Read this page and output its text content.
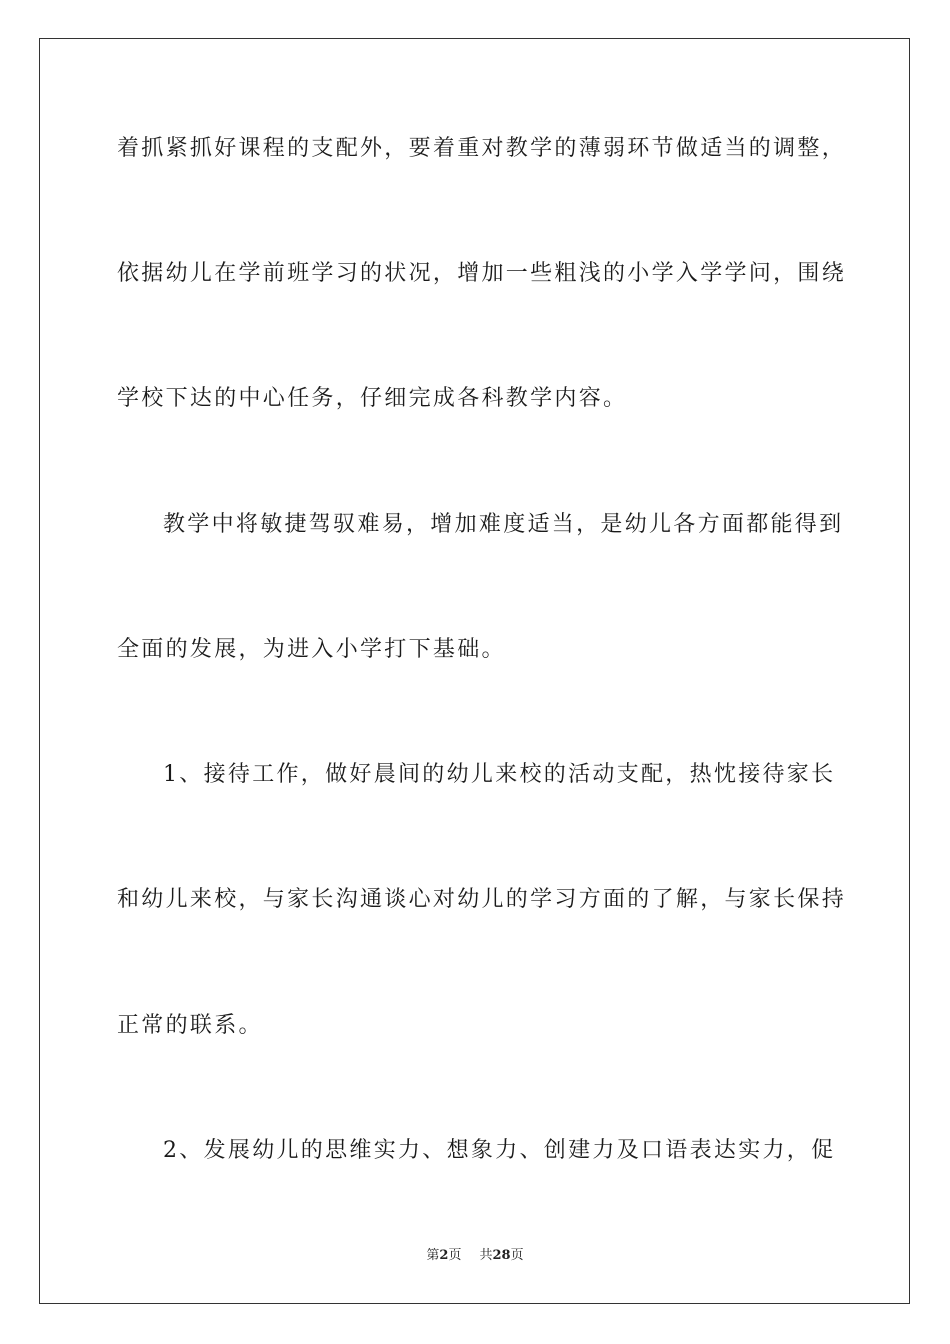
着抓紧抓好课程的支配外，要着重对教学的薄弱环节做适当的调整，
依据幼儿在学前班学习的状况，增加一些粗浅的小学入学学问，围绕
学校下达的中心任务，仔细完成各科教学内容。
教学中将敏捷驾驭难易，增加难度适当，是幼儿各方面都能得到
全面的发展，为进入小学打下基础。
1、接待工作，做好晨间的幼儿来校的活动支配，热忱接待家长
和幼儿来校，与家长沟通谈心对幼儿的学习方面的了解，与家长保持
正常的联系。
2、发展幼儿的思维实力、想象力、创建力及口语表达实力，促
第2页 共28页
